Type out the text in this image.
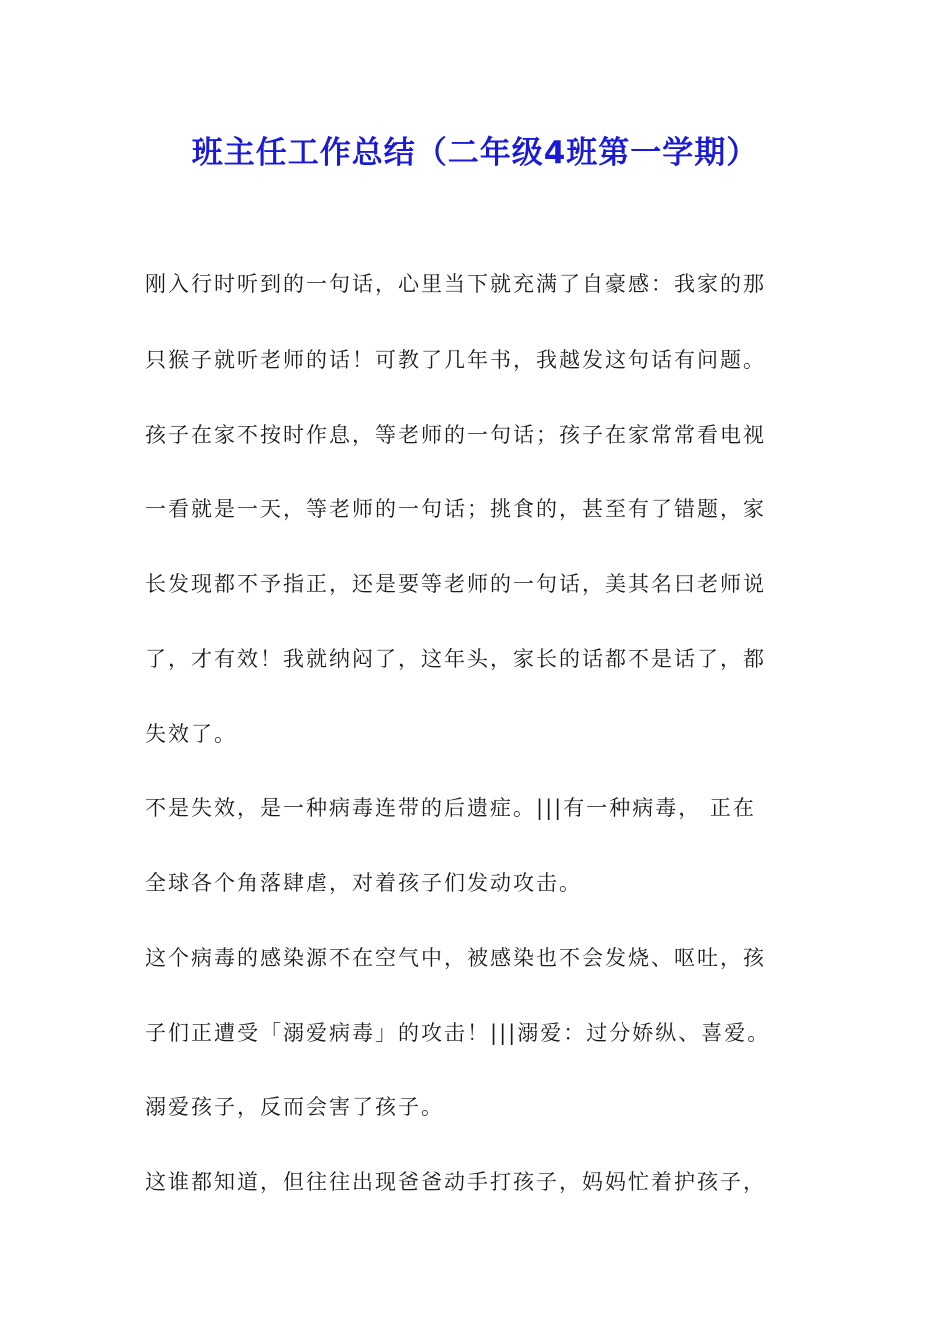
班主任工作总结（二年级4班第一学期）
刚入行时听到的一句话，心里当下就充满了自豪感：我家的那
只猴子就听老师的话！可教了几年书，我越发这句话有问题。
孩子在家不按时作息，等老师的一句话；孩子在家常常看电视
一看就是一天，等老师的一句话；挑食的，甚至有了错题，家
长发现都不予指正，还是要等老师的一句话，美其名曰老师说
了，才有效！我就纳闷了，这年头，家长的话都不是话了，都
失效了。
不是失效，是一种病毒连带的后遗症。|||有一种病毒， 正在
全球各个角落肆虐，对着孩子们发动攻击。
这个病毒的感染源不在空气中，被感染也不会发烧、呕吐，孩
子们正遭受「溺爱病毒」的攻击！|||溺爱：过分娇纵、喜爱。
溺爱孩子，反而会害了孩子。
这谁都知道，但往往出现爸爸动手打孩子，妈妈忙着护孩子，
